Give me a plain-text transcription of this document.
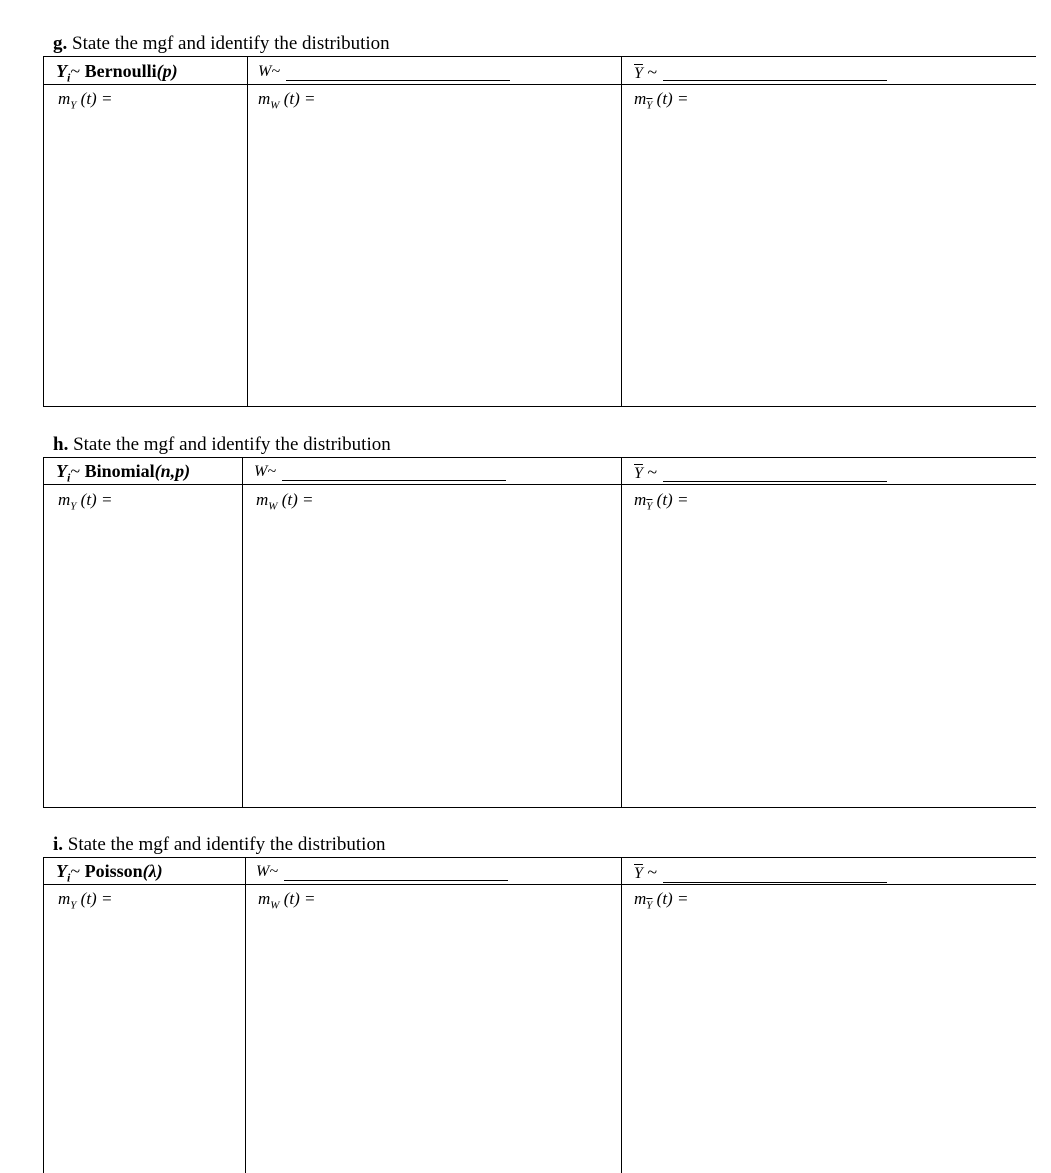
g. State the mgf and identify the distribution
$Y_i\sim$ Bernoulli(p)	W~	$\overline{Y}$ ~
$m_Y$ (t) =	$m_W$ (t) =	$m_{\overline{Y}}$ (t) =
h. State the mgf and identify the distribution
$Y_i\sim$ Binomial(n,p)	W~	$\overline{Y}$ ~
$m_Y$ (t) =	$m_W$ (t) =	$m_{\overline{Y}}$ (t) =
i. State the mgf and identify the distribution
$Y_i\sim$ Poisson(λ)	W~	$\overline{Y}$ ~
$m_Y$ (t) =	$m_W$ (t) =	$m_{\overline{Y}}$ (t) =
